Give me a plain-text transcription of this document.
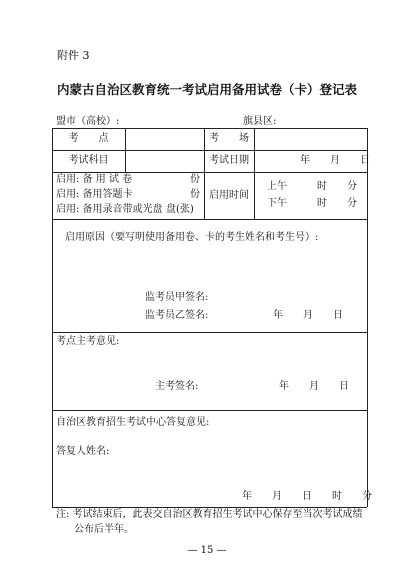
附件 3
内蒙古自治区教育统一考试启用备用试卷（卡）登记表
盟市（高校）:	旗县区:
考　　点	考　　场
考试科目	考试日期	年　　月　　日
启用: 备 用 试 卷	份
启用: 备用答题卡	份
启用: 备用录音带或光盘 盘(张)
启用时间
上午　　　时　　分
下午　　　时　　分
启用原因（要写明使用备用卷、卡的考生姓名和考生号）:
监考员甲签名:
监考员乙签名:	年　　月　　日
考点主考意见:
主考签名:	年　　月　　日
自治区教育招生考试中心答复意见:
答复人姓名:
年　　月　　日　　时　　分
注: 考试结束后，此表交自治区教育招生考试中心保存至当次考试成绩
公布后半年。
— 15 —
